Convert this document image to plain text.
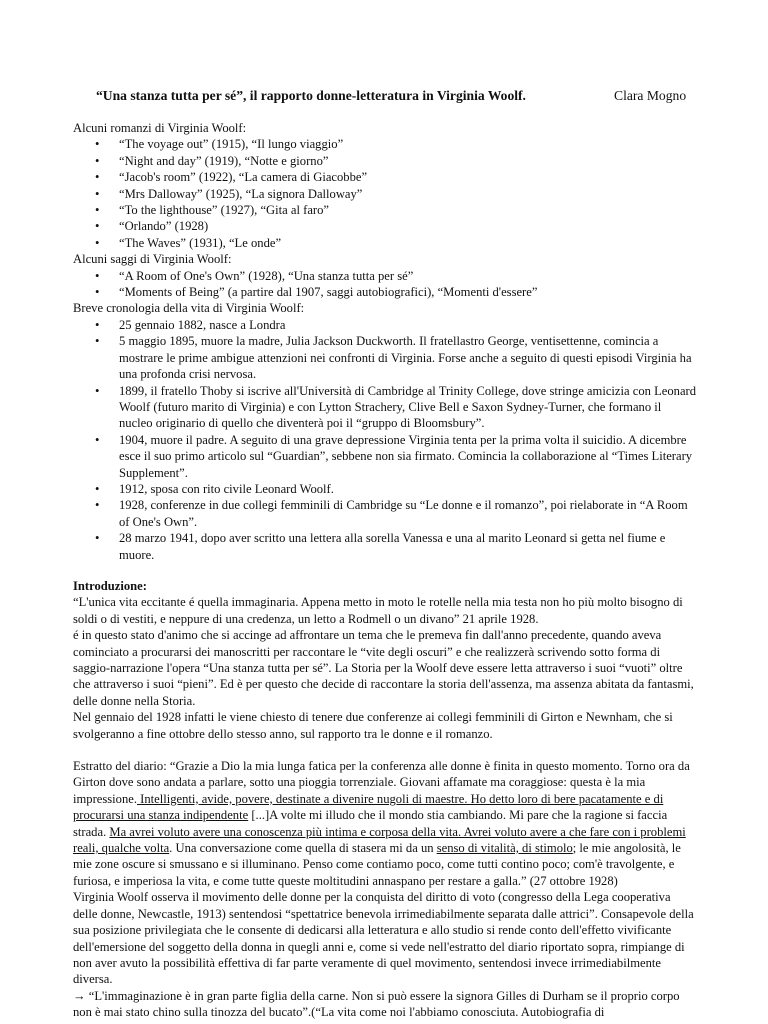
“Una stanza tutta per sé”, il rapporto donne-letteratura in Virginia Woolf.	Clara Mogno
Alcuni romanzi di Virginia Woolf:
• “The voyage out” (1915), “Il lungo viaggio”
• “Night and day” (1919), “Notte e giorno”
• “Jacob's room” (1922), “La camera di Giacobbe”
• “Mrs Dalloway” (1925), “La signora Dalloway”
• “To the lighthouse” (1927), “Gita al faro”
• “Orlando” (1928)
• “The Waves” (1931), “Le onde”
Alcuni saggi di Virginia Woolf:
• “A Room of One's Own” (1928), “Una stanza tutta per sé”
• “Moments of Being” (a partire dal 1907, saggi autobiografici), “Momenti d'essere”
Breve cronologia della vita di Virginia Woolf:
• 25 gennaio 1882, nasce a Londra
• 5 maggio 1895, muore la madre, Julia Jackson Duckworth. Il fratellastro George, ventisettenne, comincia a mostrare le prime ambigue attenzioni nei confronti di Virginia. Forse anche a seguito di questi episodi Virginia ha una profonda crisi nervosa.
• 1899, il fratello Thoby si iscrive all'Università di Cambridge al Trinity College, dove stringe amicizia con Leonard Woolf (futuro marito di Virginia) e con Lytton Strachery, Clive Bell e Saxon Sydney-Turner, che formano il nucleo originario di quello che diventerà poi il “gruppo di Bloomsbury”.
• 1904, muore il padre. A seguito di una grave depressione Virginia tenta per la prima volta il suicidio. A dicembre esce il suo primo articolo sul “Guardian”, sebbene non sia firmato. Comincia la collaborazione al “Times Literary Supplement”.
• 1912, sposa con rito civile Leonard Woolf.
• 1928, conferenze in due collegi femminili di Cambridge su “Le donne e il romanzo”, poi rielaborate in “A Room of One's Own”.
• 28 marzo 1941, dopo aver scritto una lettera alla sorella Vanessa e una al marito Leonard si getta nel fiume e muore.
Introduzione:

“L'unica vita eccitante é quella immaginaria. Appena metto in moto le rotelle nella mia testa non ho più molto bisogno di soldi o di vestiti, e neppure di una credenza, un letto a Rodmell o un divano” 21 aprile 1928.

é in questo stato d'animo che si accinge ad affrontare un tema che le premeva fin dall'anno precedente, quando aveva cominciato a procurarsi dei manoscritti per raccontare le “vite degli oscuri” e che realizzerà scrivendo sotto forma di saggio-narrazione l'opera “Una stanza tutta per sé”. La Storia per la Woolf deve essere letta attraverso i suoi “vuoti” oltre che attraverso i suoi “pieni”. Ed è per questo che decide di raccontare la storia dell'assenza, ma assenza abitata da fantasmi, delle donne nella Storia.

Nel gennaio del 1928 infatti le viene chiesto di tenere due conferenze ai collegi femminili di Girton e Newnham, che si svolgeranno a fine ottobre dello stesso anno, sul rapporto tra le donne e il romanzo.

Estratto del diario: “Grazie a Dio la mia lunga fatica per la conferenza alle donne è finita in questo momento. Torno ora da Girton dove sono andata a parlare, sotto una pioggia torrenziale. Giovani affamate ma coraggiose: questa è la mia impressione. Intelligenti, avide, povere, destinate a divenire nugoli di maestre. Ho detto loro di bere pacatamente e di procurarsi una stanza indipendente [...]A volte mi illudo che il mondo stia cambiando. Mi pare che la ragione si faccia strada. Ma avrei voluto avere una conoscenza più intima e corposa della vita. Avrei voluto avere a che fare con i problemi reali, qualche volta. Una conversazione come quella di stasera mi da un senso di vitalità, di stimolo; le mie angolosità, le mie zone oscure si smussano e si illuminano. Penso come contiamo poco, come tutti contino poco; com'è travolgente, e furiosa, e imperiosa la vita, e come tutte queste moltitudini annaspano per restare a galla.” (27 ottobre 1928)

Virginia Woolf osserva il movimento delle donne per la conquista del diritto di voto (congresso della Lega cooperativa delle donne, Newcastle, 1913) sentendosi “spettatrice benevola irrimediabilmente separata dalle attrici”. Consapevole della sua posizione privilegiata che le consente di dedicarsi alla letteratura e allo studio si rende conto dell'effetto vivificante dell'emersione del soggetto della donna in quegli anni e, come si vede nell'estratto del diario riportato sopra, rimpiange di non aver avuto la possibilità effettiva di far parte veramente di quel movimento, sentendosi invece irrimediabilmente diversa.

→ “L'immaginazione è in gran parte figlia della carne. Non si può essere la signora Gilles di Durham se il proprio corpo non è mai stato chino sulla tinozza del bucato”.(“La vita come noi l'abbiamo conosciuta. Autobiografia di
